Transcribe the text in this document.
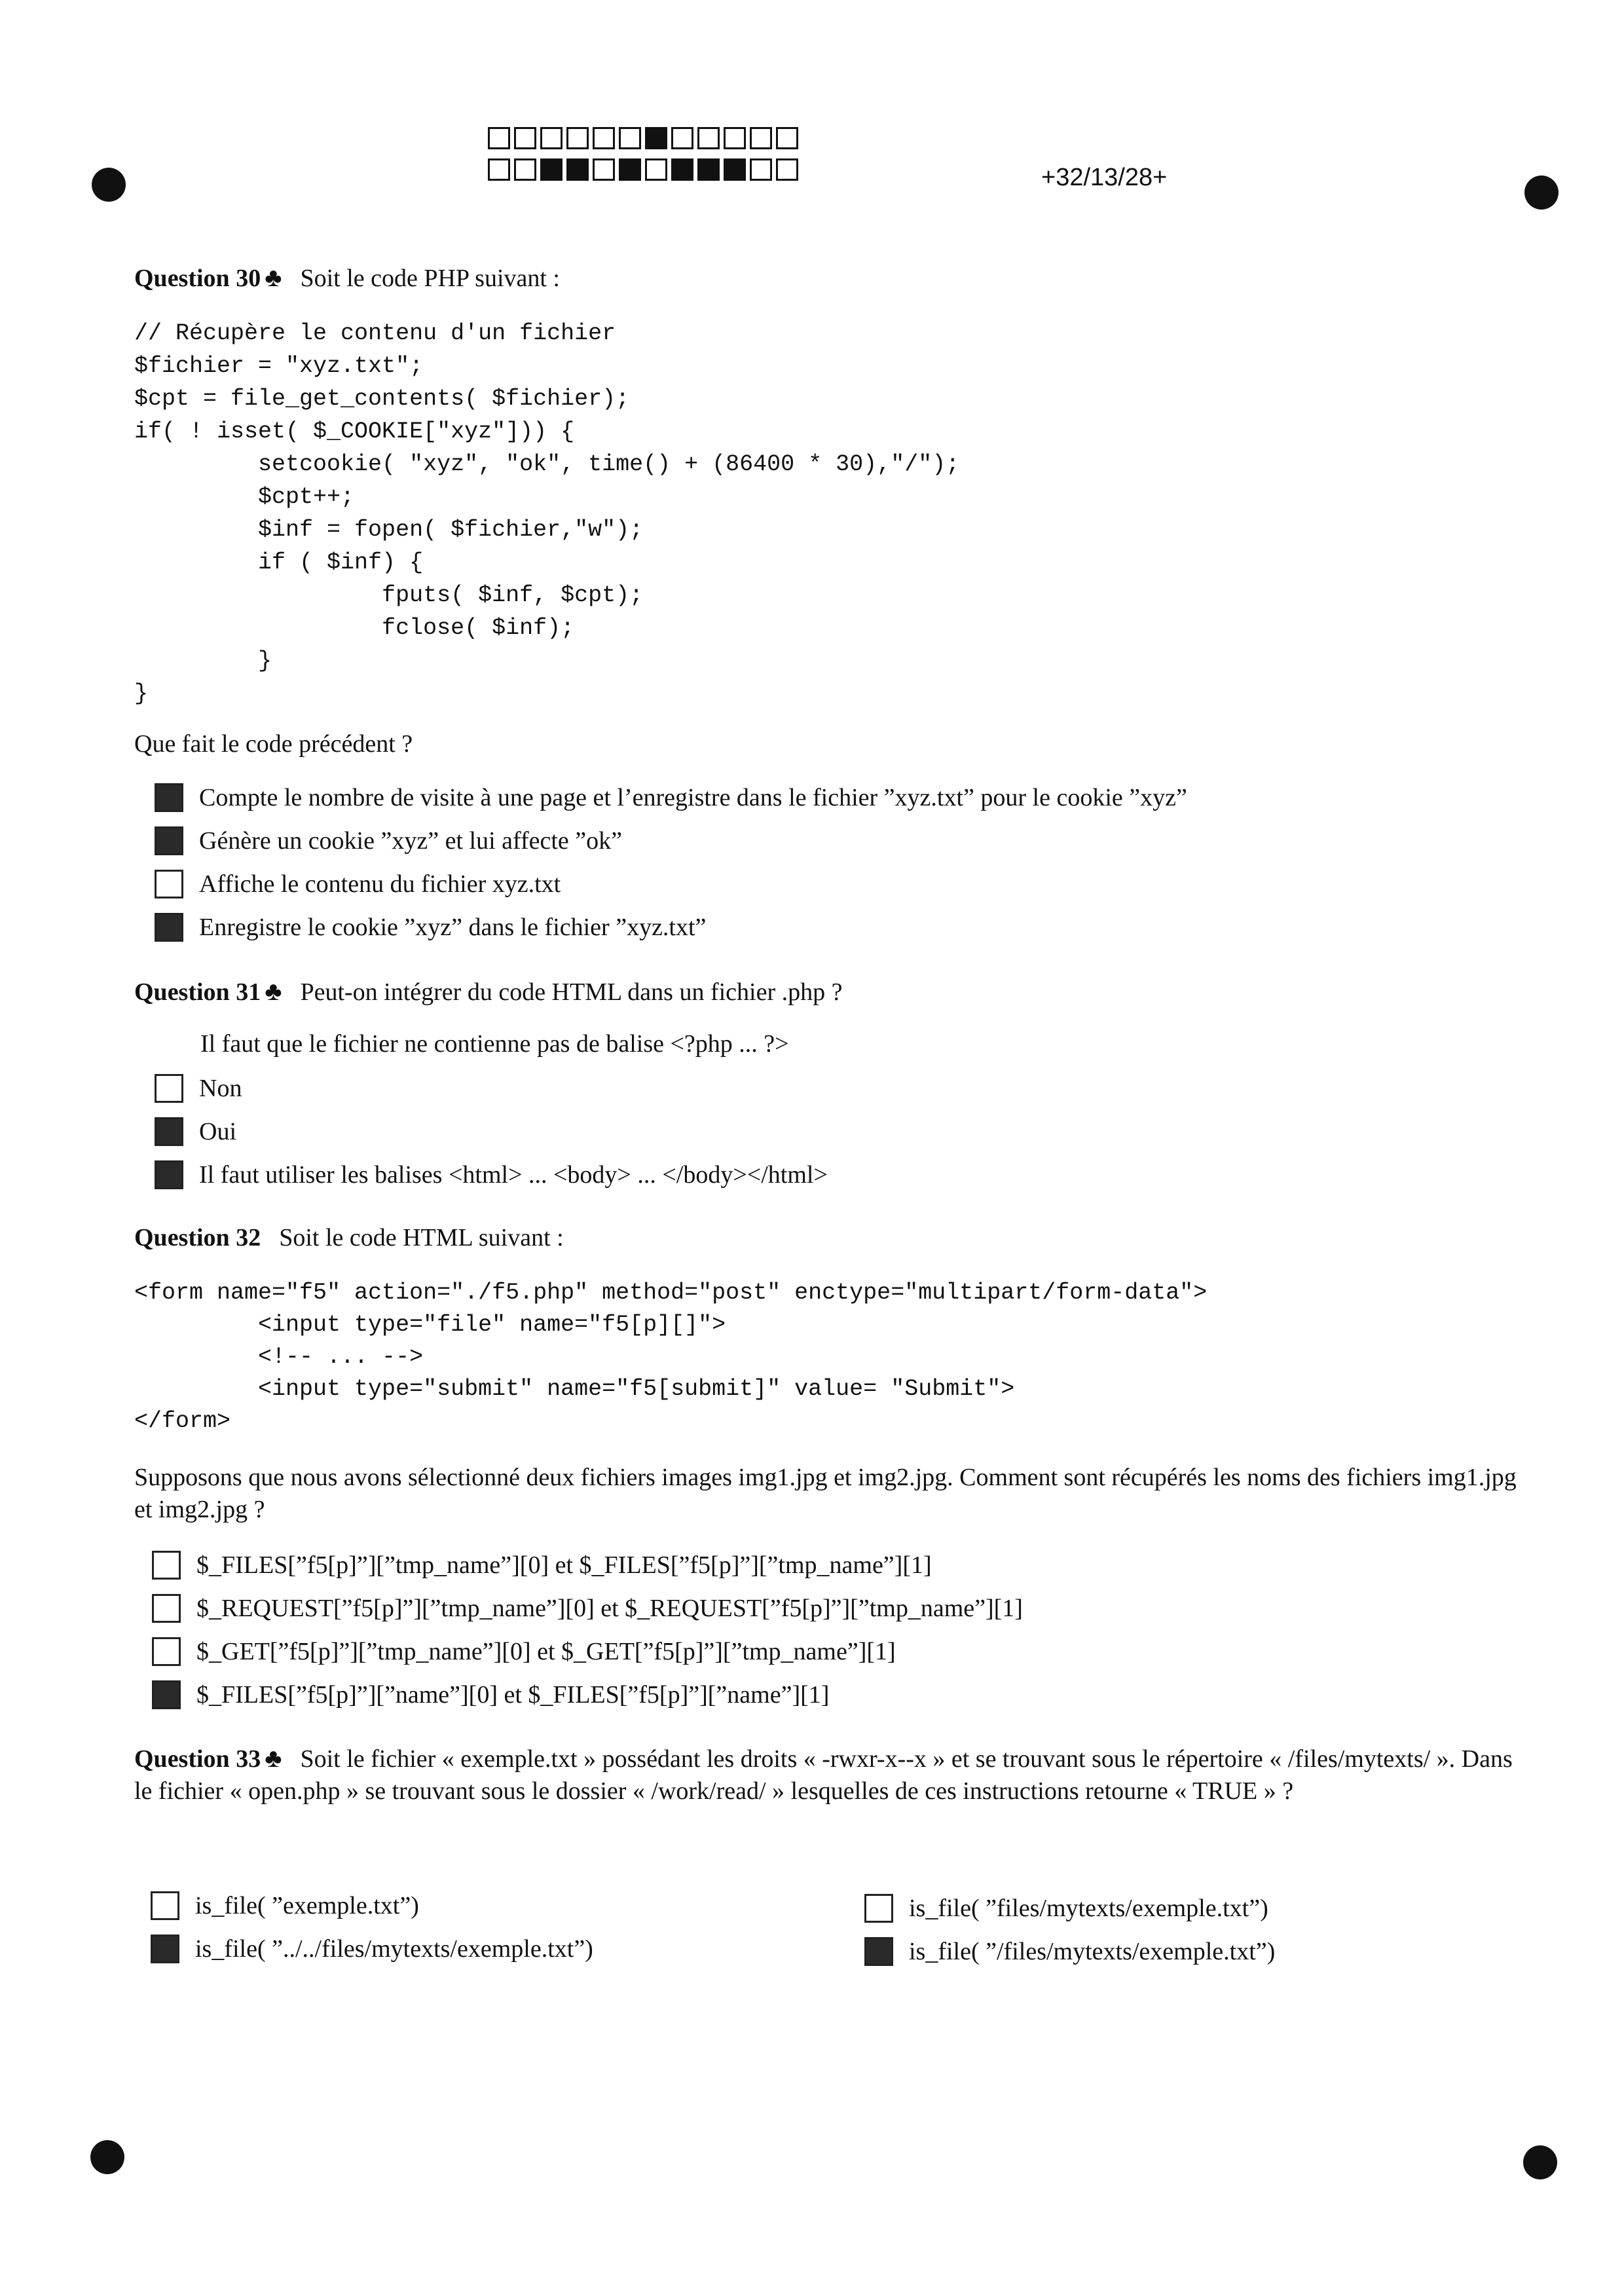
+32/13/28+
Question 30 ♣ Soit le code PHP suivant :
// Récupère le contenu d'un fichier
$fichier = "xyz.txt";
$cpt = file_get_contents( $fichier);
if( ! isset( $_COOKIE["xyz"])) {
setcookie( "xyz", "ok", time() + (86400 * 30),"/");
$cpt++;
$inf = fopen( $fichier,"w");
if ( $inf) {
fputs( $inf, $cpt);
fclose( $inf);
}
}
Que fait le code précédent ?
Compte le nombre de visite à une page et l’enregistre dans le fichier ”xyz.txt” pour le cookie ”xyz”
Génère un cookie ”xyz” et lui affecte ”ok”
Affiche le contenu du fichier xyz.txt
Enregistre le cookie ”xyz” dans le fichier ”xyz.txt”
Question 31 ♣ Peut-on intégrer du code HTML dans un fichier .php ?
Il faut que le fichier ne contienne pas de balise <?php ... ?>
Non
Oui
Il faut utiliser les balises <html> ... <body> ... </body></html>
Question 32 Soit le code HTML suivant :
<form name="f5" action="./f5.php" method="post" enctype="multipart/form-data">
<input type="file" name="f5[p][]">
<!-- ... -->
<input type="submit" name="f5[submit]" value= "Submit">
</form>
Supposons que nous avons sélectionné deux fichiers images img1.jpg et img2.jpg. Comment sont récupérés les noms des fichiers img1.jpg et img2.jpg ?
$_FILES[”f5[p]”][”tmp_name”][0] et $_FILES[”f5[p]”][”tmp_name”][1]
$_REQUEST[”f5[p]”][”tmp_name”][0] et $_REQUEST[”f5[p]”][”tmp_name”][1]
$_GET[”f5[p]”][”tmp_name”][0] et $_GET[”f5[p]”][”tmp_name”][1]
$_FILES[”f5[p]”][”name”][0] et $_FILES[”f5[p]”][”name”][1]
Question 33 ♣ Soit le fichier « exemple.txt » possédant les droits « -rwxr-x--x » et se trouvant sous le répertoire « /files/mytexts/ ». Dans le fichier « open.php » se trouvant sous le dossier « /work/read/ » lesquelles de ces instructions retourne « TRUE » ?
is_file( ”exemple.txt”)	is_file( ”files/mytexts/exemple.txt”)
is_file( ”../../files/mytexts/exemple.txt”)	is_file( ”/files/mytexts/exemple.txt”)
